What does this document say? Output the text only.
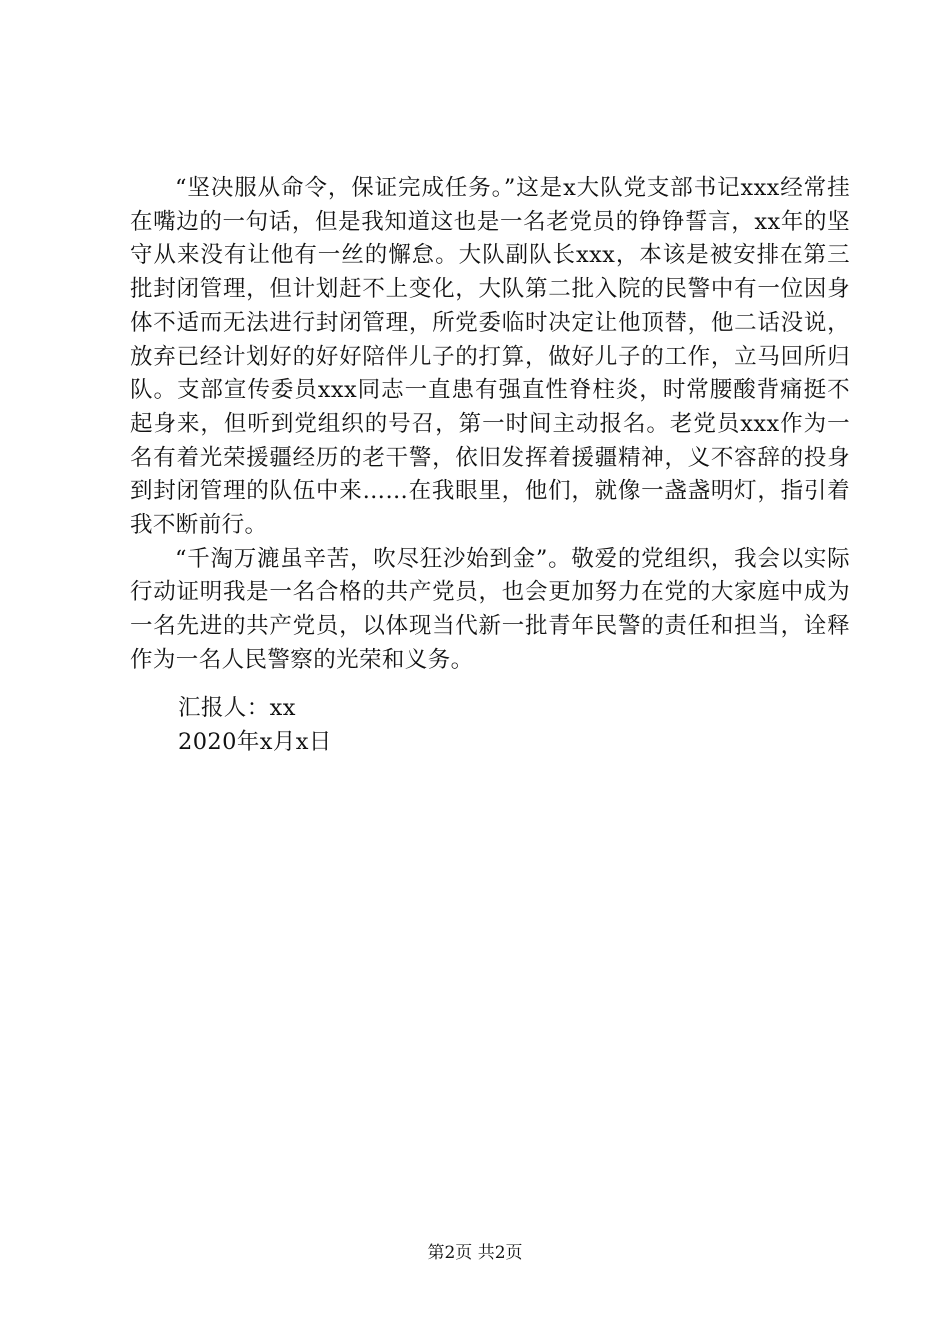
“坚决服从命令，保证完成任务。”这是x大队党支部书记xxx经常挂在嘴边的一句话，但是我知道这也是一名老党员的铮铮誓言，xx年的坚守从来没有让他有一丝的懈怠。大队副队长xxx，本该是被安排在第三批封闭管理，但计划赶不上变化，大队第二批入院的民警中有一位因身体不适而无法进行封闭管理，所党委临时决定让他顶替，他二话没说，放弃已经计划好的好好陪伴儿子的打算，做好儿子的工作，立马回所归队。支部宣传委员xxx同志一直患有强直性脊柱炎，时常腰酸背痛挺不起身来，但听到党组织的号召，第一时间主动报名。老党员xxx作为一名有着光荣援疆经历的老干警，依旧发挥着援疆精神，义不容辞的投身到封闭管理的队伍中来……在我眼里，他们，就像一盏盏明灯，指引着我不断前行。

“千淘万漉虽辛苦，吹尽狂沙始到金”。敬爱的党组织，我会以实际行动证明我是一名合格的共产党员，也会更加努力在党的大家庭中成为一名先进的共产党员，以体现当代新一批青年民警的责任和担当，诠释作为一名人民警察的光荣和义务。

汇报人：xx
2020年x月x日
第2页 共2页
